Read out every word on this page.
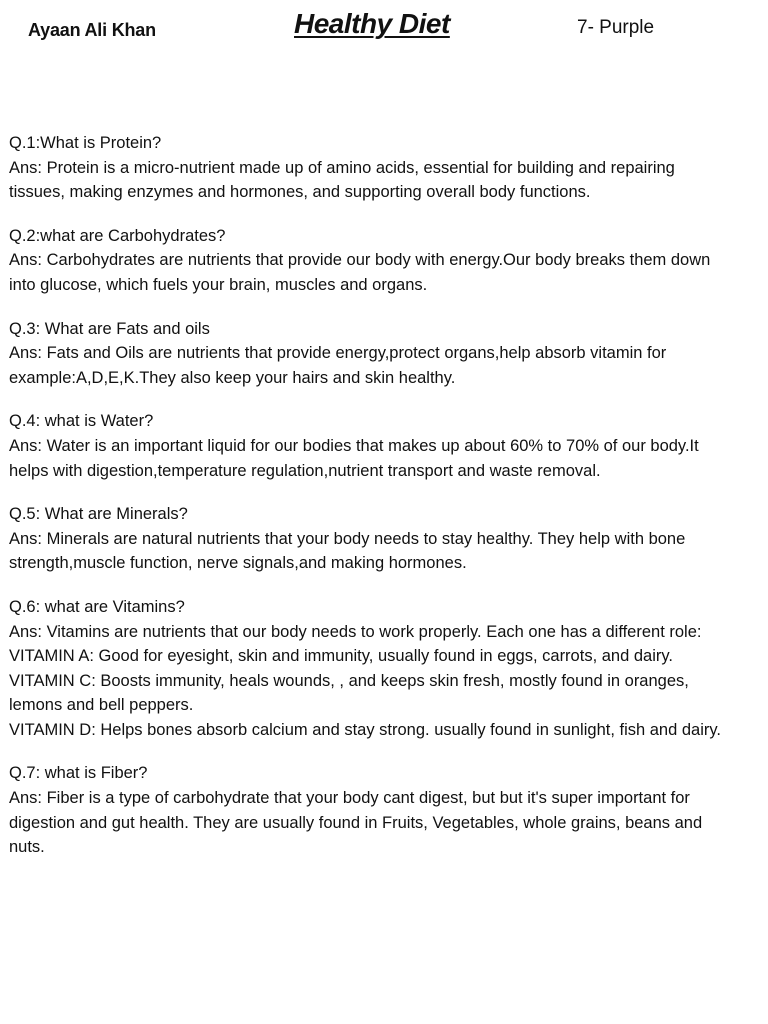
Ayaan Ali Khan	Healthy Diet	7- Purple
Q.1:What is Protein?
Ans: Protein is a micro-nutrient made up of amino acids, essential for building and repairing tissues, making enzymes and hormones, and supporting overall body functions.
Q.2:what are Carbohydrates?
Ans: Carbohydrates are nutrients that provide our body with energy.Our body breaks them down into glucose, which fuels your brain, muscles and organs.
Q.3: What are Fats and oils
Ans: Fats and Oils are nutrients that provide energy,protect organs,help absorb vitamin for example:A,D,E,K.They also keep your hairs and skin healthy.
Q.4: what is Water?
Ans: Water is an important liquid for our bodies that makes up about 60% to 70% of our body.It helps with digestion,temperature regulation,nutrient transport and waste removal.
Q.5: What are Minerals?
Ans: Minerals are natural nutrients that your body needs to stay healthy. They help with bone strength,muscle function, nerve signals,and making hormones.
Q.6: what are Vitamins?
Ans: Vitamins are nutrients that our body needs to work properly. Each one has a different role:
VITAMIN A: Good for eyesight, skin and immunity, usually found in eggs, carrots, and dairy.
VITAMIN C: Boosts immunity, heals wounds, , and keeps skin fresh, mostly found in oranges, lemons and bell peppers.
VITAMIN D: Helps bones absorb calcium and stay strong. usually found in sunlight, fish and dairy.
Q.7: what is Fiber?
Ans: Fiber is a type of carbohydrate that your body cant digest, but but it's super important for digestion and gut health. They are usually found in Fruits, Vegetables, whole grains, beans and nuts.
